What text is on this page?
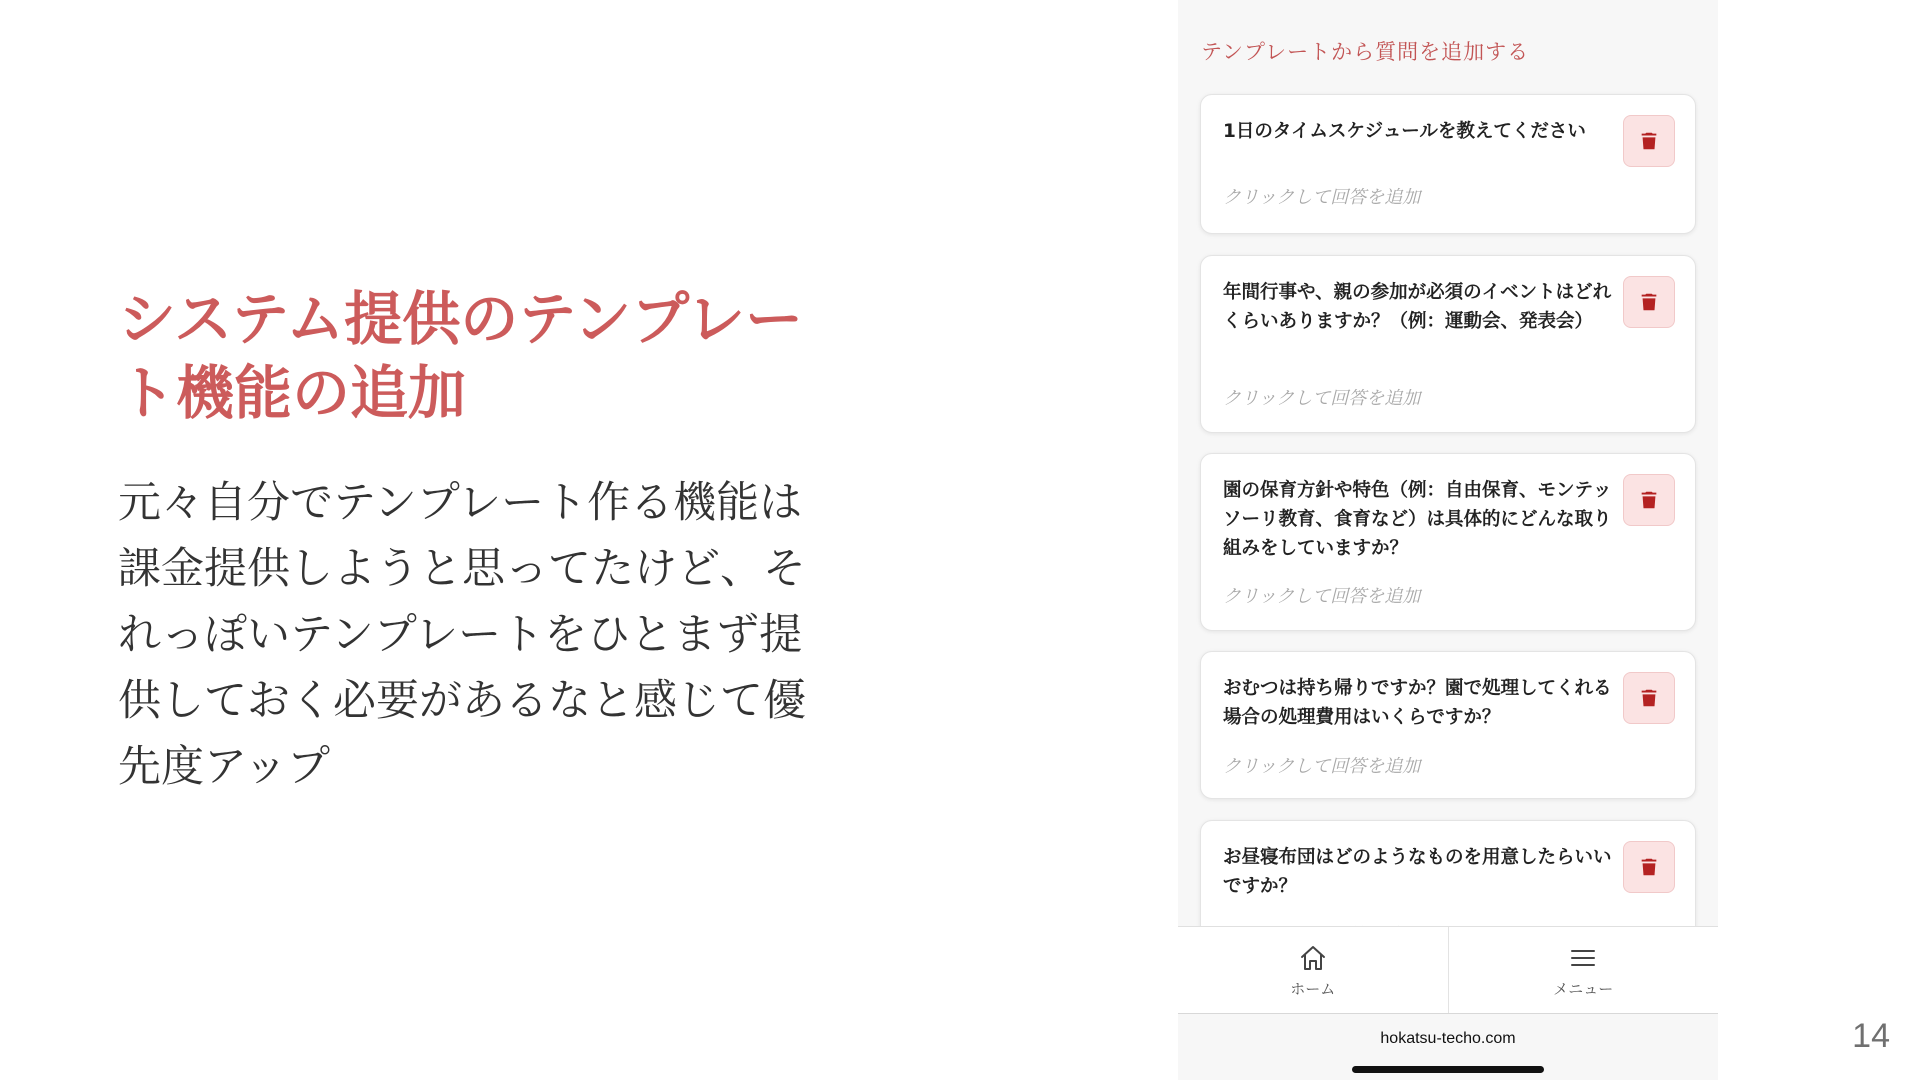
システム提供のテンプレート機能の追加
元々自分でテンプレート作る機能は課金提供しようと思ってたけど、それっぽいテンプレートをひとまず提供しておく必要があるなと感じて優先度アップ
テンプレートから質問を追加する
1日のタイムスケジュールを教えてください
クリックして回答を追加
年間行事や、親の参加が必須のイベントはどれくらいありますか？（例：運動会、発表会）
クリックして回答を追加
園の保育方針や特色（例：自由保育、モンテッソーリ教育、食育など）は具体的にどんな取り組みをしていますか？
クリックして回答を追加
おむつは持ち帰りですか？園で処理してくれる場合の処理費用はいくらですか？
クリックして回答を追加
お昼寝布団はどのようなものを用意したらいいですか？
ホーム	メニュー
hokatsu-techo.com	14
